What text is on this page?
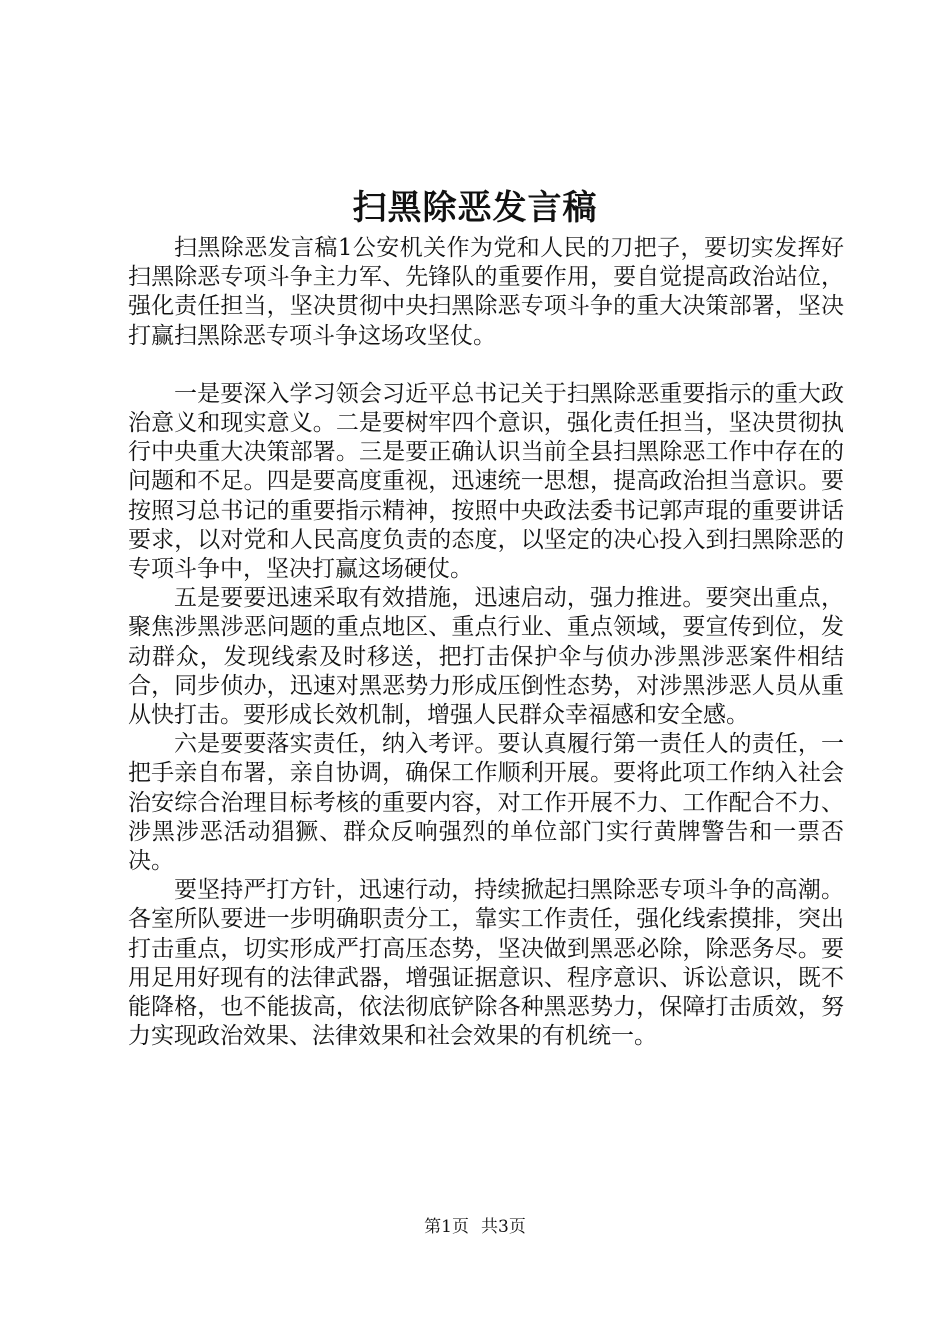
扫黑除恶发言稿

扫黑除恶发言稿1公安机关作为党和人民的刀把子，要切实发挥好扫黑除恶专项斗争主力军、先锋队的重要作用，要自觉提高政治站位，强化责任担当，坚决贯彻中央扫黑除恶专项斗争的重大决策部署，坚决打赢扫黑除恶专项斗争这场攻坚仗。

一是要深入学习领会习近平总书记关于扫黑除恶重要指示的重大政治意义和现实意义。二是要树牢四个意识，强化责任担当，坚决贯彻执行中央重大决策部署。三是要正确认识当前全县扫黑除恶工作中存在的问题和不足。四是要高度重视，迅速统一思想，提高政治担当意识。要按照习总书记的重要指示精神，按照中央政法委书记郭声琨的重要讲话要求，以对党和人民高度负责的态度，以坚定的决心投入到扫黑除恶的专项斗争中，坚决打赢这场硬仗。

五是要要迅速采取有效措施，迅速启动，强力推进。要突出重点，聚焦涉黑涉恶问题的重点地区、重点行业、重点领域，要宣传到位，发动群众，发现线索及时移送，把打击保护伞与侦办涉黑涉恶案件相结合，同步侦办，迅速对黑恶势力形成压倒性态势，对涉黑涉恶人员从重从快打击。要形成长效机制，增强人民群众幸福感和安全感。

六是要要落实责任，纳入考评。要认真履行第一责任人的责任，一把手亲自布署，亲自协调，确保工作顺利开展。要将此项工作纳入社会治安综合治理目标考核的重要内容，对工作开展不力、工作配合不力、涉黑涉恶活动猖獗、群众反响强烈的单位部门实行黄牌警告和一票否决。

要坚持严打方针，迅速行动，持续掀起扫黑除恶专项斗争的高潮。各室所队要进一步明确职责分工，靠实工作责任，强化线索摸排，突出打击重点，切实形成严打高压态势，坚决做到黑恶必除，除恶务尽。要用足用好现有的法律武器，增强证据意识、程序意识、诉讼意识，既不能降格，也不能拔高，依法彻底铲除各种黑恶势力，保障打击质效，努力实现政治效果、法律效果和社会效果的有机统一。

第1页 共3页
